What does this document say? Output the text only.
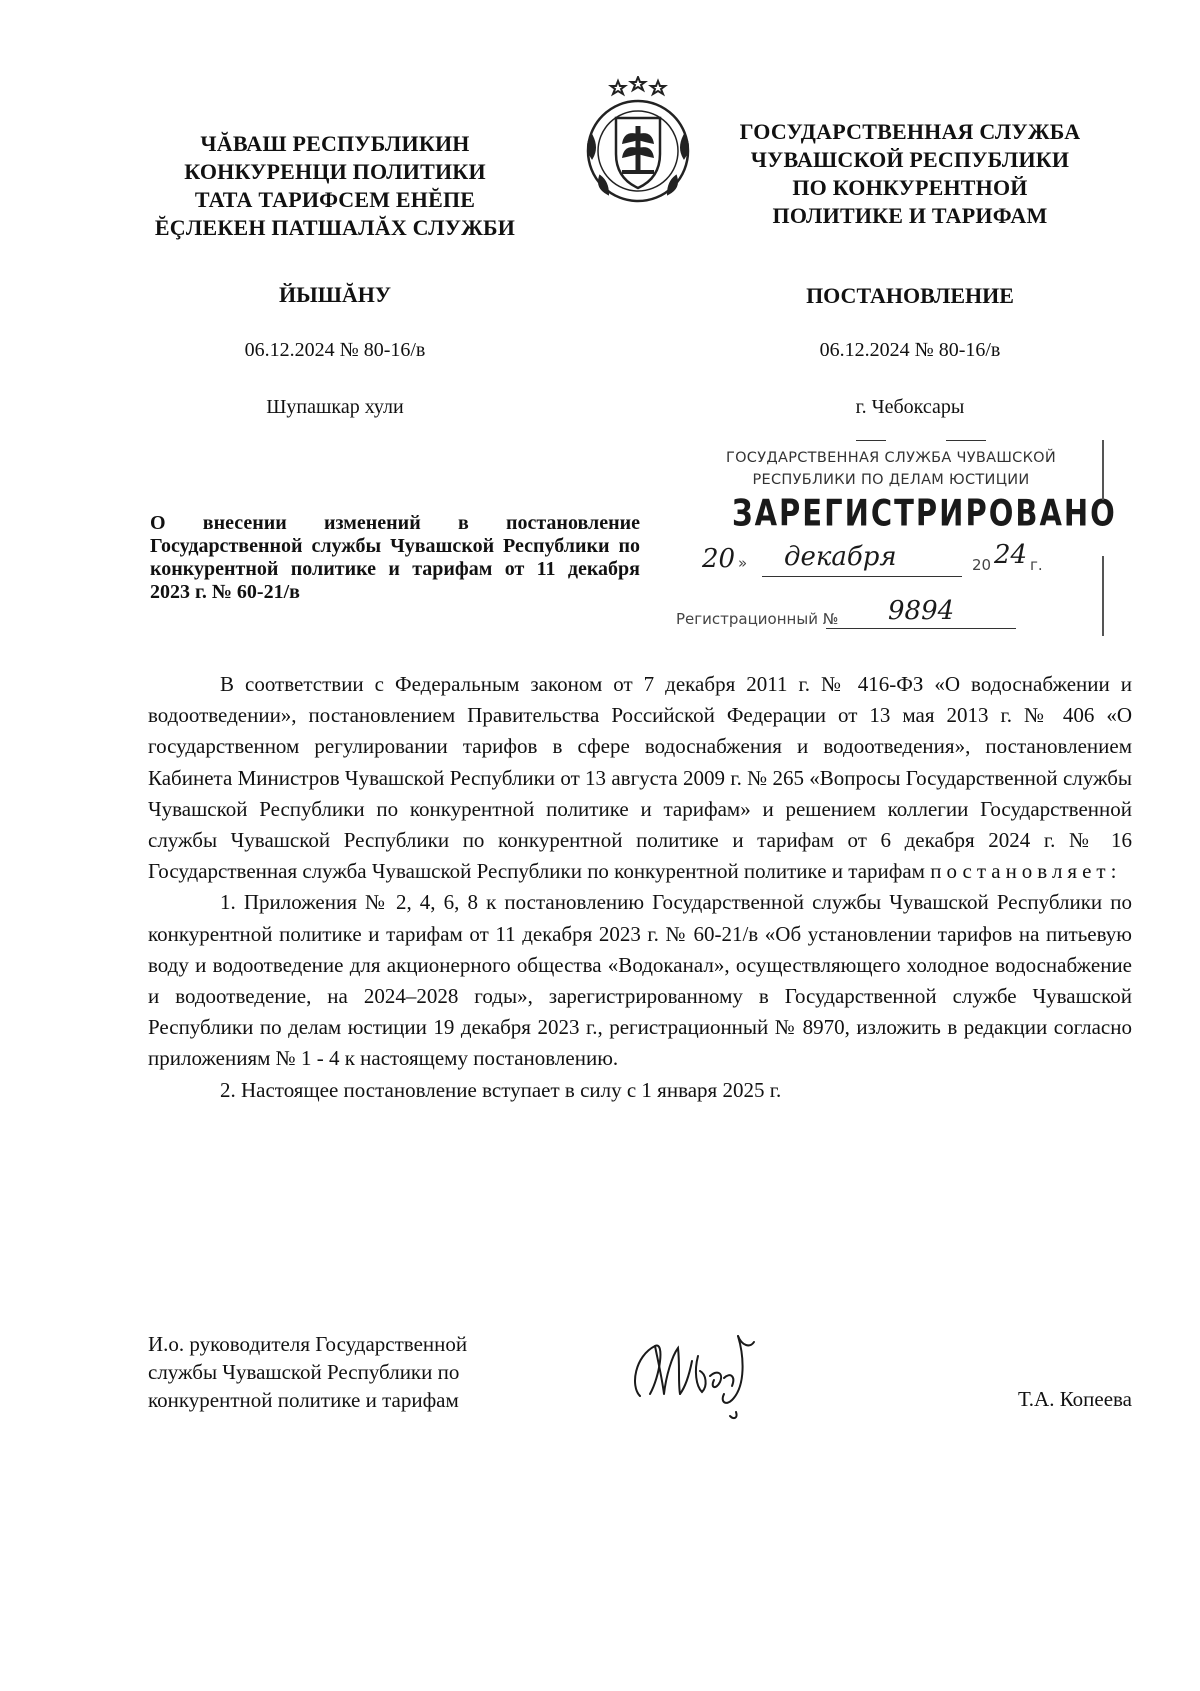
ЧĂВАШ РЕСПУБЛИКИН
КОНКУРЕНЦИ ПОЛИТИКИ
ТАТА ТАРИФСЕМ ЕНĔПЕ
ĔÇЛЕКЕН ПАТШАЛĂХ СЛУЖБИ
ГОСУДАРСТВЕННАЯ СЛУЖБА
ЧУВАШСКОЙ РЕСПУБЛИКИ
ПО КОНКУРЕНТНОЙ
ПОЛИТИКЕ И ТАРИФАМ
ЙЫШĂНУ	ПОСТАНОВЛЕНИЕ
06.12.2024 № 80-16/в	06.12.2024 № 80-16/в
Шупашкар хули	г. Чебоксары
ГОСУДАРСТВЕННАЯ СЛУЖБА ЧУВАШСКОЙ
РЕСПУБЛИКИ ПО ДЕЛАМ ЮСТИЦИИ
ЗАРЕГИСТРИРОВАНО
20 » декабря	20 24 г.
Регистрационный № 9894
О внесении изменений в постановление Государственной службы Чувашской Республики по конкурентной политике и тарифам от 11 декабря 2023 г. № 60-21/в

В соответствии с Федеральным законом от 7 декабря 2011 г. № 416-ФЗ «О водоснабжении и водоотведении», постановлением Правительства Российской Федерации от 13 мая 2013 г. № 406 «О государственном регулировании тарифов в сфере водоснабжения и водоотведения», постановлением Кабинета Министров Чувашской Республики от 13 августа 2009 г. № 265 «Вопросы Государственной службы Чувашской Республики по конкурентной политике и тарифам» и решением коллегии Государственной службы Чувашской Республики по конкурентной политике и тарифам от 6 декабря 2024 г. № 16 Государственная служба Чувашской Республики по конкурентной политике и тарифам постановляет:

1. Приложения № 2, 4, 6, 8 к постановлению Государственной службы Чувашской Республики по конкурентной политике и тарифам от 11 декабря 2023 г. № 60-21/в «Об установлении тарифов на питьевую воду и водоотведение для акционерного общества «Водоканал», осуществляющего холодное водоснабжение и водоотведение, на 2024–2028 годы», зарегистрированному в Государственной службе Чувашской Республики по делам юстиции 19 декабря 2023 г., регистрационный № 8970, изложить в редакции согласно приложениям № 1 - 4 к настоящему постановлению.

2. Настоящее постановление вступает в силу с 1 января 2025 г.

И.о. руководителя Государственной
службы Чувашской Республики по
конкурентной политике и тарифам	Т.А. Копеева
